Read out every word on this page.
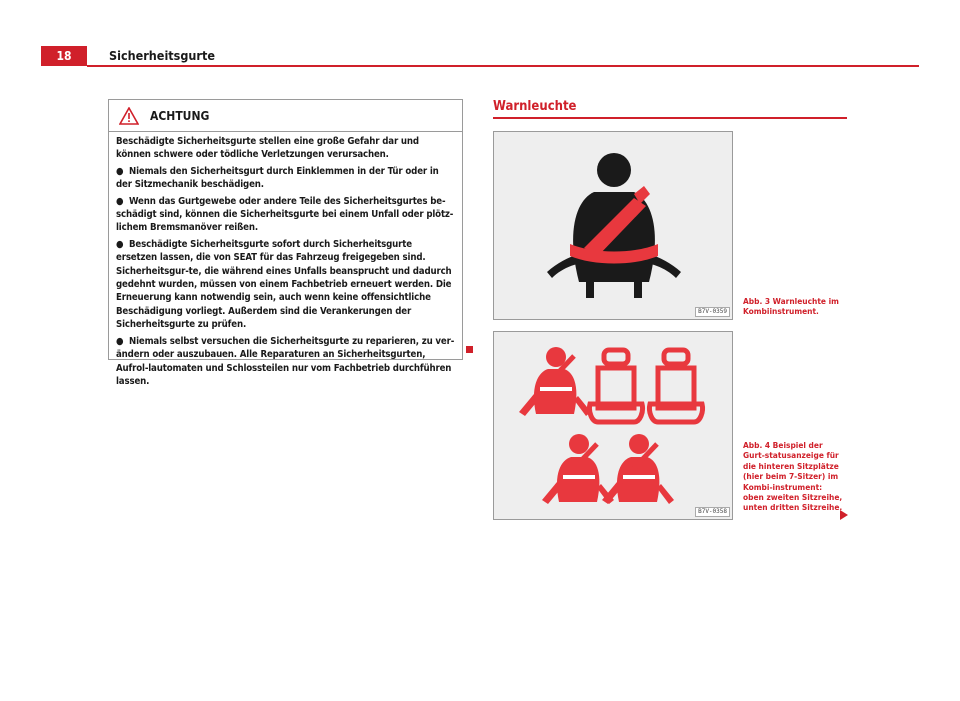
18	Sicherheitsgurte
ACHTUNG

Beschädigte Sicherheitsgurte stellen eine große Gefahr dar und können schwere oder tödliche Verletzungen verursachen.

● Niemals den Sicherheitsgurt durch Einklemmen in der Tür oder in der Sitzmechanik beschädigen.

● Wenn das Gurtgewebe oder andere Teile des Sicherheitsgurtes be-schädigt sind, können die Sicherheitsgurte bei einem Unfall oder plötz-lichem Bremsmanöver reißen.

● Beschädigte Sicherheitsgurte sofort durch Sicherheitsgurte ersetzen lassen, die von SEAT für das Fahrzeug freigegeben sind. Sicherheitsgur-te, die während eines Unfalls beansprucht und dadurch gedehnt wurden, müssen von einem Fachbetrieb erneuert werden. Die Erneuerung kann notwendig sein, auch wenn keine offensichtliche Beschädigung vorliegt. Außerdem sind die Verankerungen der Sicherheitsgurte zu prüfen.

● Niemals selbst versuchen die Sicherheitsgurte zu reparieren, zu ver-ändern oder auszubauen. Alle Reparaturen an Sicherheitsgurten, Aufrol-lautomaten und Schlossteilen nur vom Fachbetrieb durchführen lassen.

Warnleuchte
B7V-0359
Abb. 3 Warnleuchte im Kombiinstrument.
B7V-0358
Abb. 4 Beispiel der Gurt-statusanzeige für die hinteren Sitzplätze (hier beim 7-Sitzer) im Kombi-instrument: oben zweiten Sitzreihe, unten dritten Sitzreihe.
